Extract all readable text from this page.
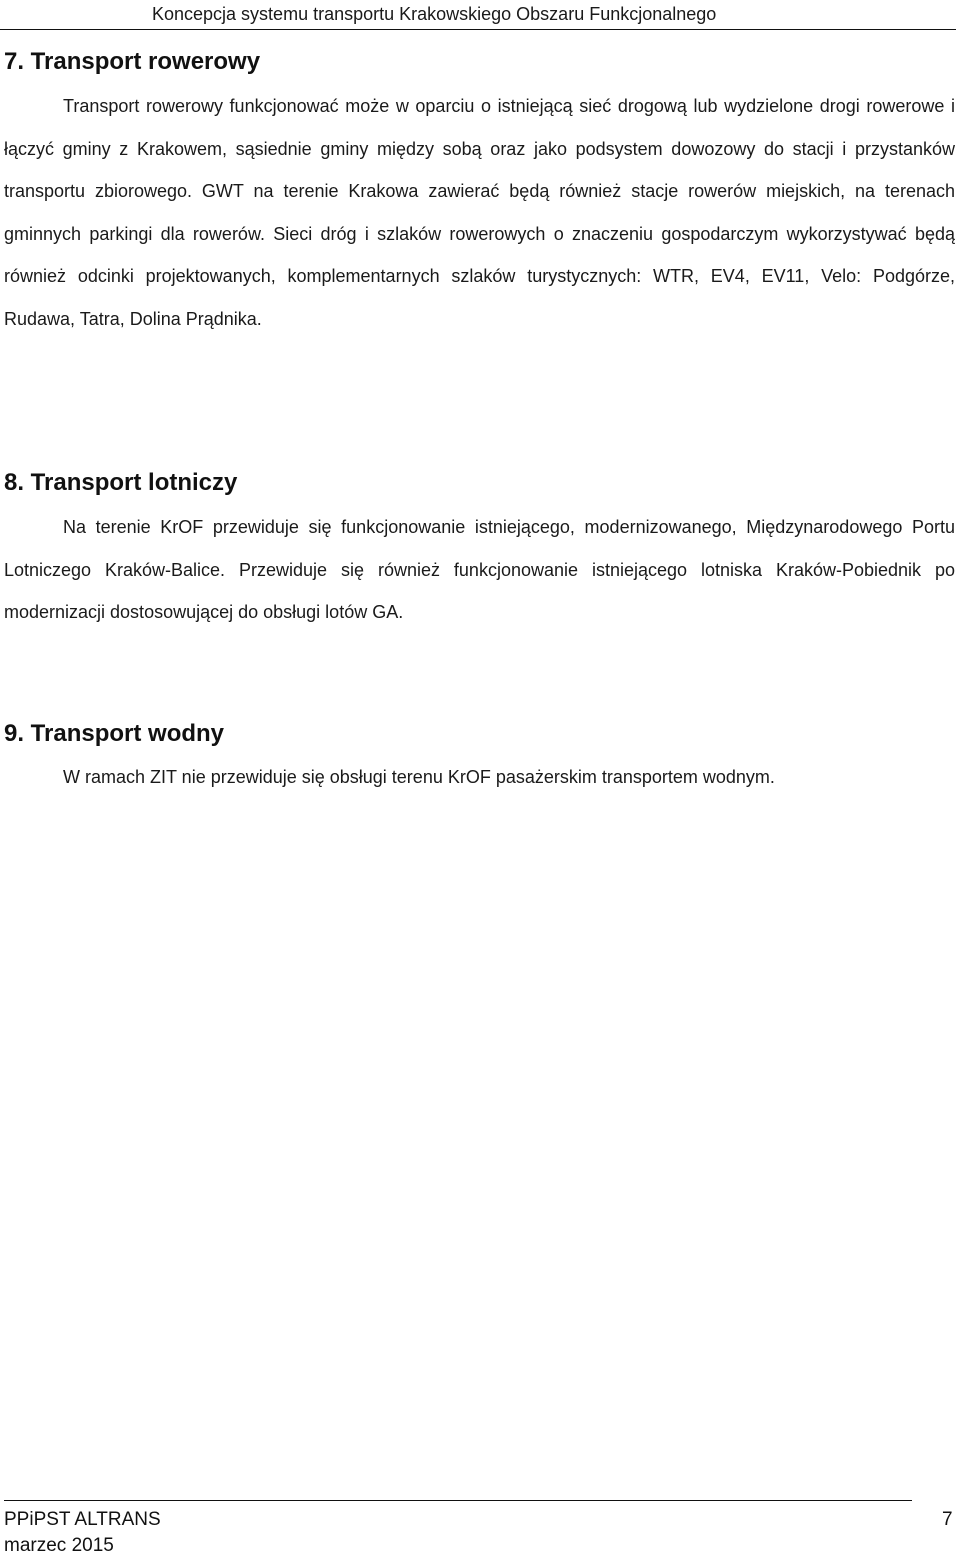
Koncepcja systemu transportu Krakowskiego Obszaru Funkcjonalnego
7. Transport rowerowy

Transport rowerowy funkcjonować może w oparciu o istniejącą sieć drogową lub wydzielone drogi rowerowe i łączyć gminy z Krakowem, sąsiednie gminy między sobą oraz jako podsystem dowozowy do stacji i przystanków transportu zbiorowego. GWT na terenie Krakowa zawierać będą również stacje rowerów miejskich, na terenach gminnych parkingi dla rowerów. Sieci dróg i szlaków rowerowych o znaczeniu gospodarczym wykorzystywać będą również odcinki projektowanych, komplementarnych szlaków turystycznych: WTR, EV4, EV11, Velo: Podgórze, Rudawa, Tatra, Dolina Prądnika.

8. Transport lotniczy

Na terenie KrOF przewiduje się funkcjonowanie istniejącego, modernizowanego, Międzynarodowego Portu Lotniczego Kraków-Balice. Przewiduje się również funkcjonowanie istniejącego lotniska Kraków-Pobiednik po modernizacji dostosowującej do obsługi lotów GA.

9. Transport wodny

W ramach ZIT nie przewiduje się obsługi terenu KrOF pasażerskim transportem wodnym.

PPiPST ALTRANS
marzec 2015
7
